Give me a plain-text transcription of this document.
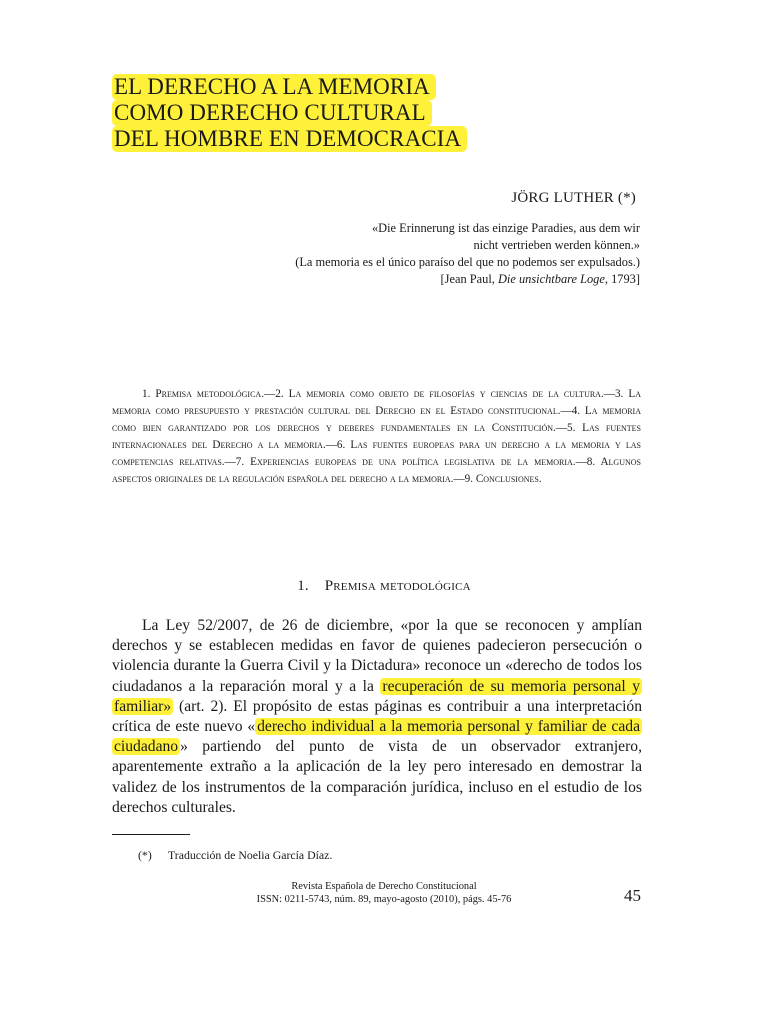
EL DERECHO A LA MEMORIA
COMO DERECHO CULTURAL
DEL HOMBRE EN DEMOCRACIA
JÖRG LUTHER (*)
«Die Erinnerung ist das einzige Paradies, aus dem wir
nicht vertrieben werden können.»
(La memoria es el único paraíso del que no podemos ser expulsados.)
[Jean Paul, Die unsichtbare Loge, 1793]

1. Premisa metodológica.—2. La memoria como objeto de filosofías y ciencias de la cultura.—3. La memoria como presupuesto y prestación cultural del Derecho en el Estado constitucional.—4. La memoria como bien garantizado por los derechos y deberes fundamentales en la Constitución.—5. Las fuentes internacionales del Derecho a la memoria.—6. Las fuentes europeas para un derecho a la memoria y las competencias relativas.—7. Experiencias europeas de una política legislativa de la memoria.—8. Algunos aspectos originales de la regulación española del derecho a la memoria.—9. Conclusiones.

1. Premisa metodológica

La Ley 52/2007, de 26 de diciembre, «por la que se reconocen y amplían derechos y se establecen medidas en favor de quienes padecieron persecución o violencia durante la Guerra Civil y la Dictadura» reconoce un «derecho de todos los ciudadanos a la reparación moral y a la recuperación de su memoria personal y familiar» (art. 2). El propósito de estas páginas es contribuir a una interpretación crítica de este nuevo « derecho individual a la memoria personal y familiar de cada ciudadano » partiendo del punto de vista de un observador extranjero, aparentemente extraño a la aplicación de la ley pero interesado en demostrar la validez de los instrumentos de la comparación jurídica, incluso en el estudio de los derechos culturales.

(*) Traducción de Noelia García Díaz.
Revista Española de Derecho Constitucional
ISSN: 0211-5743, núm. 89, mayo-agosto (2010), págs. 45-76	45
